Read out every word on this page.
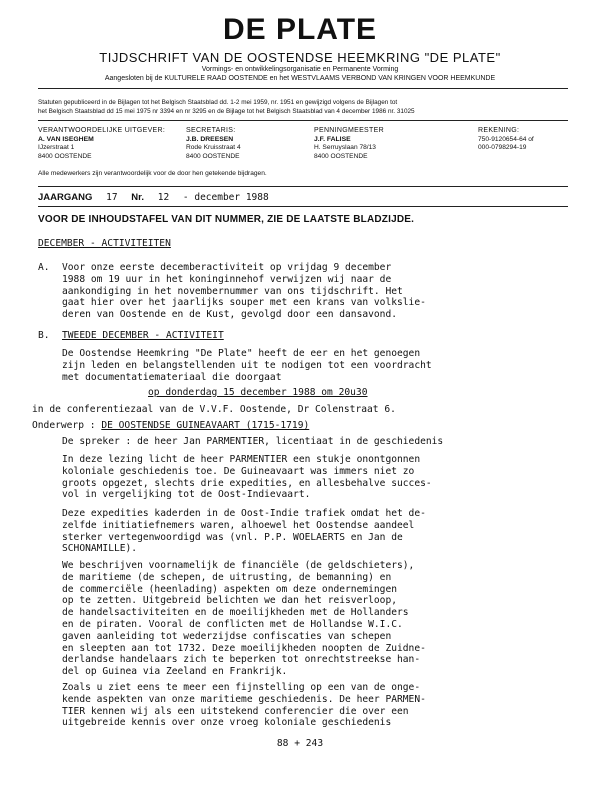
DE PLATE
TIJDSCHRIFT VAN DE OOSTENDSE HEEMKRING "DE PLATE"
Vormings- en ontwikkelingsorganisatie en Permanente Vorming
Aangesloten bij de KULTURELE RAAD OOSTENDE en het WESTVLAAMS VERBOND VAN KRINGEN VOOR HEEMKUNDE
Statuten gepubliceerd in de Bijlagen tot het Belgisch Staatsblad dd. 1-2 mei 1959, nr. 1951 en gewijzigd volgens de Bijlagen tot
het Belgisch Staatsblad dd 15 mei 1975 nr 3394 en nr 3295 en de Bijlage tot het Belgisch Staatsblad van 4 december 1986 nr. 31025
VERANTWOORDELIJKE UITGEVER:
A. VAN ISEGHEM
IJzerstraat 1
8400 OOSTENDE
SECRETARIS:
J.B. DREESEN
Rode Kruisstraat 4
8400 OOSTENDE
PENNINGMEESTER
J.F. FALISE
H. Serruyslaan 78/13
8400 OOSTENDE
REKENING:
750-9120654-64 of
000-0798294-19
Alle medewerkers zijn verantwoordelijk voor de door hen getekende bijdragen.
JAARGANG 17 Nr. 12 - december 1988
VOOR DE INHOUDSTAFEL VAN DIT NUMMER, ZIE DE LAATSTE BLADZIJDE.
DECEMBER - ACTIVITEITEN
A. Voor onze eerste decemberactiviteit op vrijdag 9 december
1988 om 19 uur in het koninginnehof verwijzen wij naar de
aankondiging in het novembernummer van ons tijdschrift. Het
gaat hier over het jaarlijks souper met een krans van volkslie-
deren van Oostende en de Kust, gevolgd door een dansavond.
B. TWEEDE DECEMBER - ACTIVITEIT
De Oostendse Heemkring "De Plate" heeft de eer en het genoegen
zijn leden en belangstellenden uit te nodigen tot een voordracht
met documentatiemateriaal die doorgaat
op donderdag 15 december 1988 om 20u30
in de conferentiezaal van de V.V.F. Oostende, Dr Colenstraat 6.
Onderwerp : DE OOSTENDSE GUINEAVAART (1715-1719)
De spreker : de heer Jan PARMENTIER, licentiaat in de geschiedenis
In deze lezing licht de heer PARMENTIER een stukje onontgonnen
koloniale geschiedenis toe. De Guineavaart was immers niet zo
groots opgezet, slechts drie expedities, en allesbehalve succes-
vol in vergelijking tot de Oost-Indievaart.
Deze expedities kaderden in de Oost-Indie trafiek omdat het de-
zelfde initiatiefnemers waren, alhoewel het Oostendse aandeel
sterker vertegenwoordigd was (vnl. P.P. WOELAERTS en Jan de
SCHONAMILLE).
We beschrijven voornamelijk de financiële (de geldschieters),
de maritieme (de schepen, de uitrusting, de bemanning) en
de commerciële (heenlading) aspekten om deze ondernemingen
op te zetten. Uitgebreid belichten we dan het reisverloop,
de handelsactiviteiten en de moeilijkheden met de Hollanders
en de piraten. Vooral de conflicten met de Hollandse W.I.C.
gaven aanleiding tot wederzijdse confiscaties van schepen
en sleepten aan tot 1732. Deze moeilijkheden noopten de Zuidne-
derlandse handelaars zich te beperken tot onrechtstreekse han-
del op Guinea via Zeeland en Frankrijk.
Zoals u ziet eens te meer een fijnstelling op een van de onge-
kende aspekten van onze maritieme geschiedenis. De heer PARMEN-
TIER kennen wij als een uitstekend conferencier die over een
uitgebreide kennis over onze vroeg koloniale geschiedenis
88 + 243
